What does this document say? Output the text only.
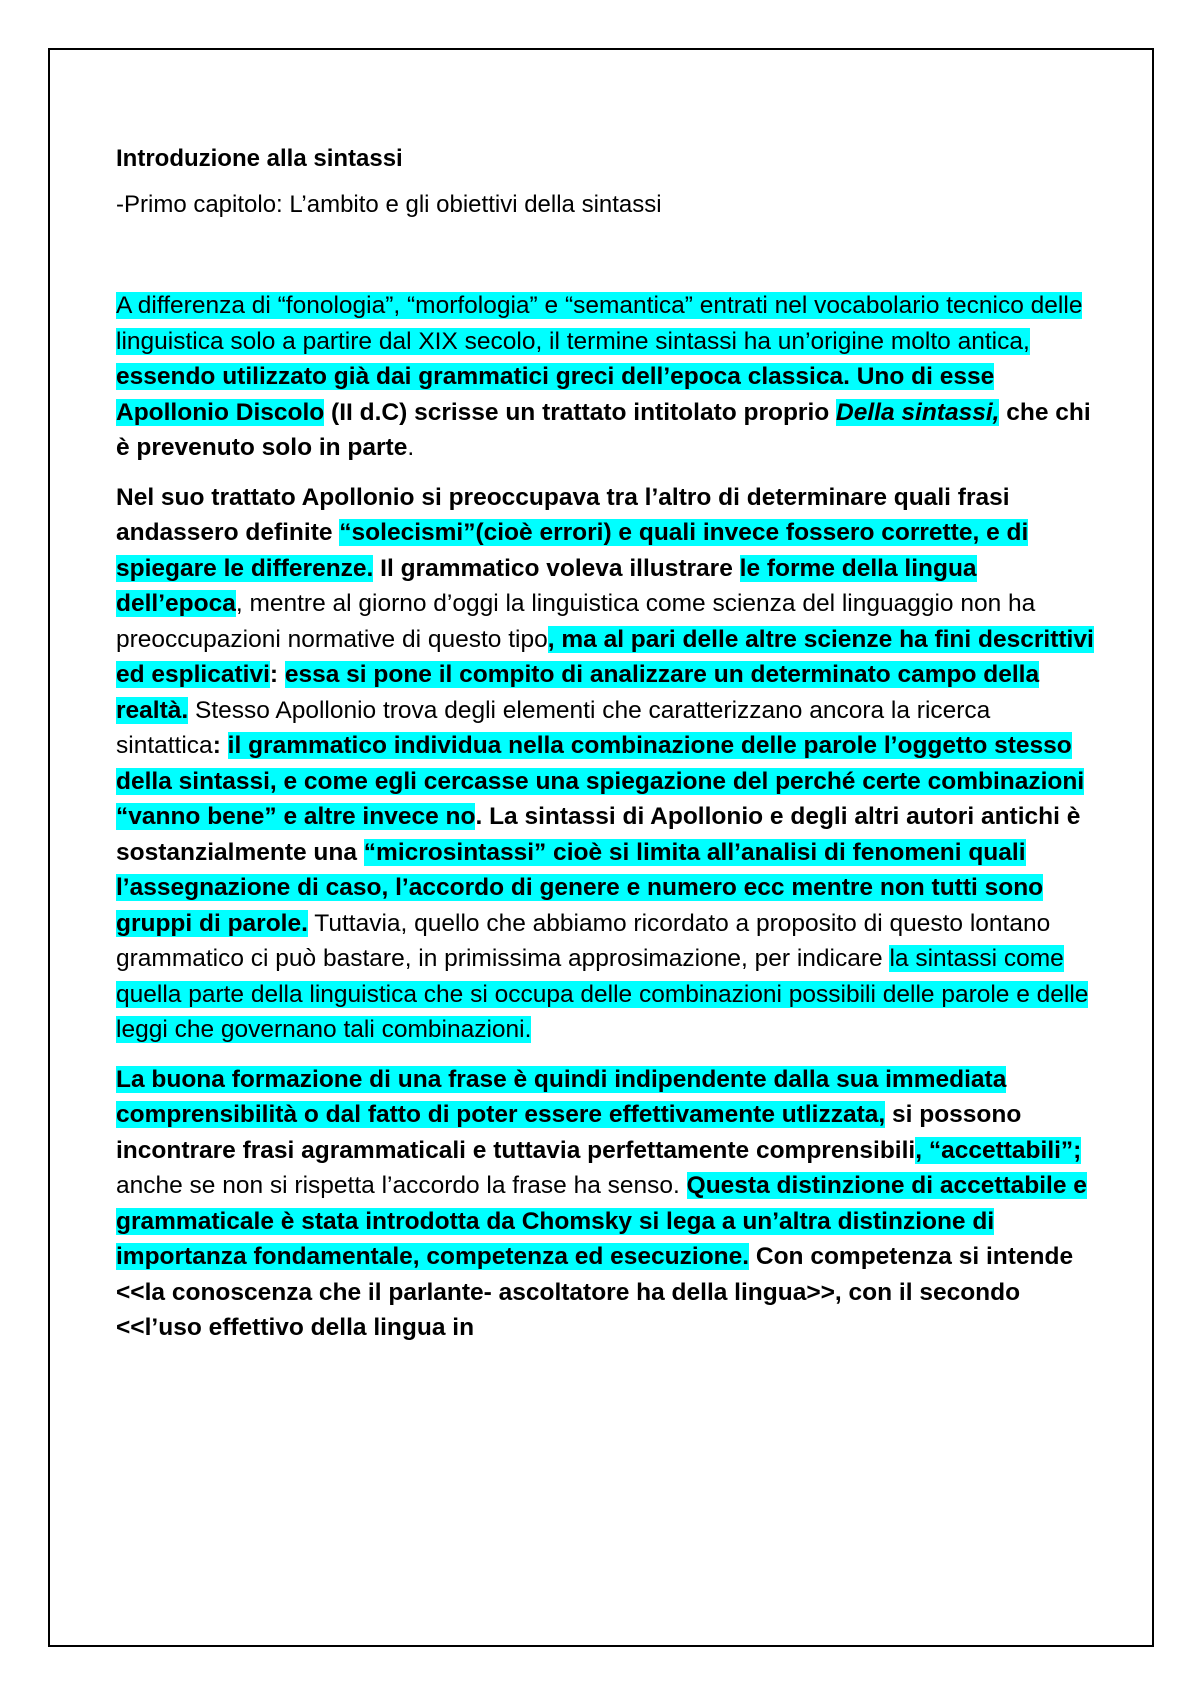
Introduzione alla sintassi
-Primo capitolo: L’ambito e gli obiettivi della sintassi

A differenza di “fonologia”, “morfologia” e “semantica” entrati nel vocabolario tecnico delle linguistica solo a partire dal XIX secolo, il termine sintassi ha un’origine molto antica, essendo utilizzato già dai grammatici greci dell’epoca classica. Uno di esse Apollonio Discolo (II d.C) scrisse un trattato intitolato proprio Della sintassi, che chi è prevenuto solo in parte.

Nel suo trattato Apollonio si preoccupava tra l’altro di determinare quali frasi andassero definite “solecismi”(cioè errori) e quali invece fossero corrette, e di spiegare le differenze. Il grammatico voleva illustrare le forme della lingua dell’epoca, mentre al giorno d’oggi la linguistica come scienza del linguaggio non ha preoccupazioni normative di questo tipo, ma al pari delle altre scienze ha fini descrittivi ed esplicativi: essa si pone il compito di analizzare un determinato campo della realtà. Stesso Apollonio trova degli elementi che caratterizzano ancora la ricerca sintattica: il grammatico individua nella combinazione delle parole l’oggetto stesso della sintassi, e come egli cercasse una spiegazione del perché certe combinazioni “vanno bene” e altre invece no. La sintassi di Apollonio e degli altri autori antichi è sostanzialmente una “microsintassi” cioè si limita all’analisi di fenomeni quali l’assegnazione di caso, l’accordo di genere e numero ecc mentre non tutti sono gruppi di parole. Tuttavia, quello che abbiamo ricordato a proposito di questo lontano grammatico ci può bastare, in primissima approsimazione, per indicare la sintassi come quella parte della linguistica che si occupa delle combinazioni possibili delle parole e delle leggi che governano tali combinazioni.

La buona formazione di una frase è quindi indipendente dalla sua immediata comprensibilità o dal fatto di poter essere effettivamente utlizzata, si possono incontrare frasi agrammaticali e tuttavia perfettamente comprensibili, “accettabili”; anche se non si rispetta l’accordo la frase ha senso. Questa distinzione di accettabile e grammaticale è stata introdotta da Chomsky si lega a un’altra distinzione di importanza fondamentale, competenza ed esecuzione. Con competenza si intende <<la conoscenza che il parlante- ascoltatore ha della lingua>>, con il secondo <<l’uso effettivo della lingua in
